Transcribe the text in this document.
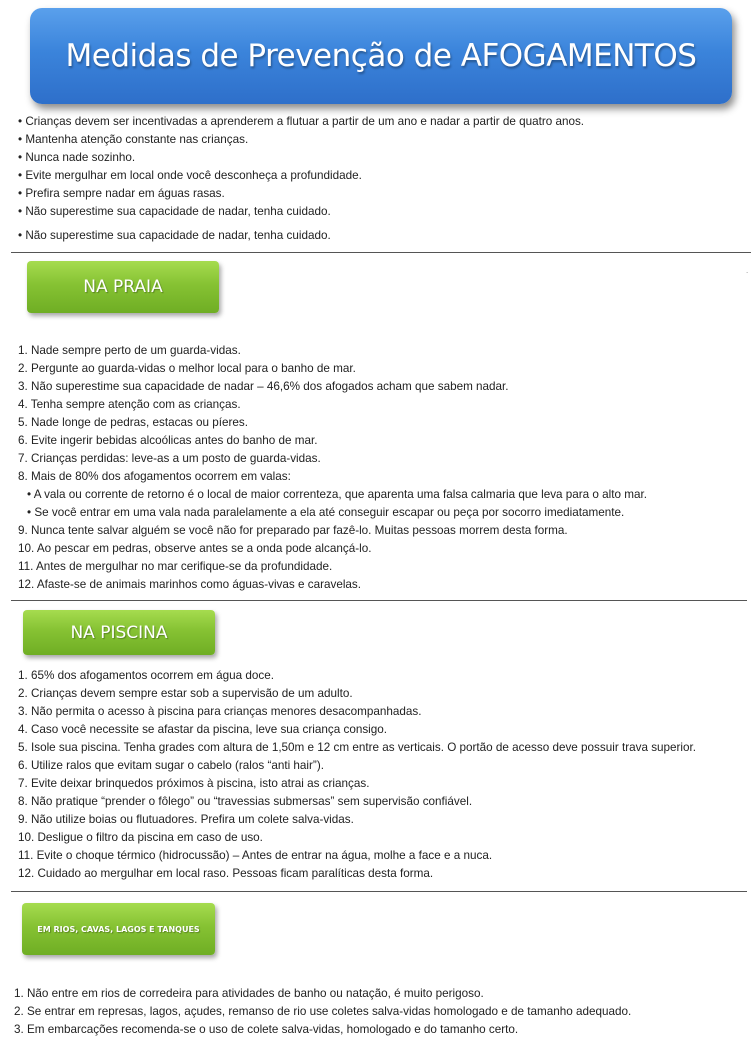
Medidas de Prevenção de AFOGAMENTOS
• Crianças devem ser incentivadas a aprenderem a flutuar a partir de um ano e nadar a partir de quatro anos.
• Mantenha atenção constante nas crianças.
• Nunca nade sozinho.
• Evite mergulhar em local onde você desconheça a profundidade.
• Prefira sempre nadar em águas rasas.
• Não superestime sua capacidade de nadar, tenha cuidado.
• Não superestime sua capacidade de nadar, tenha cuidado.
.
NA PRAIA
1. Nade sempre perto de um guarda-vidas.
2. Pergunte ao guarda-vidas o melhor local para o banho de mar.
3. Não superestime sua capacidade de nadar – 46,6% dos afogados acham que sabem nadar.
4. Tenha sempre atenção com as crianças.
5. Nade longe de pedras, estacas ou píeres.
6. Evite ingerir bebidas alcoólicas antes do banho de mar.
7. Crianças perdidas: leve-as a um posto de guarda-vidas.
8. Mais de 80% dos afogamentos ocorrem em valas:
• A vala ou corrente de retorno é o local de maior correnteza, que aparenta uma falsa calmaria que leva para o alto mar.
• Se você entrar em uma vala nada paralelamente a ela até conseguir escapar ou peça por socorro imediatamente.
9. Nunca tente salvar alguém se você não for preparado par fazê-lo. Muitas pessoas morrem desta forma.
10. Ao pescar em pedras, observe antes se a onda pode alcançá-lo.
11. Antes de mergulhar no mar cerifique-se da profundidade.
12. Afaste-se de animais marinhos como águas-vivas e caravelas.
NA PISCINA
1. 65% dos afogamentos ocorrem em água doce.
2. Crianças devem sempre estar sob a supervisão de um adulto.
3. Não permita o acesso à piscina para crianças menores desacompanhadas.
4. Caso você necessite se afastar da piscina, leve sua criança consigo.
5. Isole sua piscina. Tenha grades com altura de 1,50m e 12 cm entre as verticais. O portão de acesso deve possuir trava superior.
6. Utilize ralos que evitam sugar o cabelo (ralos “anti hair”).
7. Evite deixar brinquedos próximos à piscina, isto atrai as crianças.
8. Não pratique “prender o fôlego” ou “travessias submersas” sem supervisão confiável.
9. Não utilize boias ou flutuadores. Prefira um colete salva-vidas.
10. Desligue o filtro da piscina em caso de uso.
11. Evite o choque térmico (hidrocussão) – Antes de entrar na água, molhe a face e a nuca.
12. Cuidado ao mergulhar em local raso. Pessoas ficam paralíticas desta forma.
EM RIOS, CAVAS, LAGOS E TANQUES
1. Não entre em rios de corredeira para atividades de banho ou natação, é muito perigoso.
2. Se entrar em represas, lagos, açudes, remanso de rio use coletes salva-vidas homologado e de tamanho adequado.
3. Em embarcações recomenda-se o uso de colete salva-vidas, homologado e do tamanho certo.
